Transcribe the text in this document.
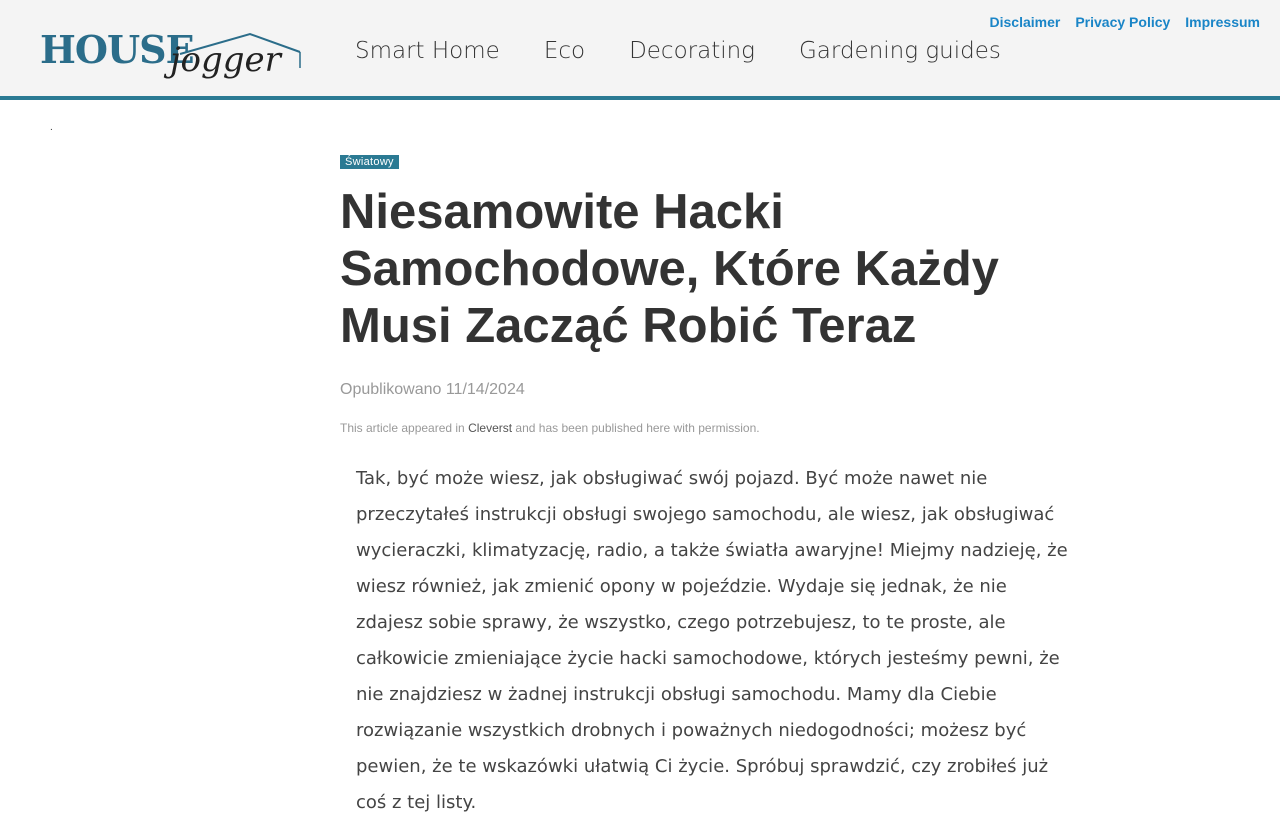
HOUSE
jogger	Smart Home Eco Decorating Gardening guides
Disclaimer Privacy Policy Impressum
.
Światowy
Niesamowite Hacki Samochodowe, Które Każdy Musi Zacząć Robić Teraz
Opublikowano 11/14/2024
This article appeared in Cleverst and has been published here with permission.

Tak, być może wiesz, jak obsługiwać swój pojazd. Być może nawet nie przeczytałeś instrukcji obsługi swojego samochodu, ale wiesz, jak obsługiwać wycieraczki, klimatyzację, radio, a także światła awaryjne! Miejmy nadzieję, że wiesz również, jak zmienić opony w pojeździe. Wydaje się jednak, że nie zdajesz sobie sprawy, że wszystko, czego potrzebujesz, to te proste, ale całkowicie zmieniające życie hacki samochodowe, których jesteśmy pewni, że nie znajdziesz w żadnej instrukcji obsługi samochodu. Mamy dla Ciebie rozwiązanie wszystkich drobnych i poważnych niedogodności; możesz być pewien, że te wskazówki ułatwią Ci życie. Spróbuj sprawdzić, czy zrobiłeś już coś z tej listy.
